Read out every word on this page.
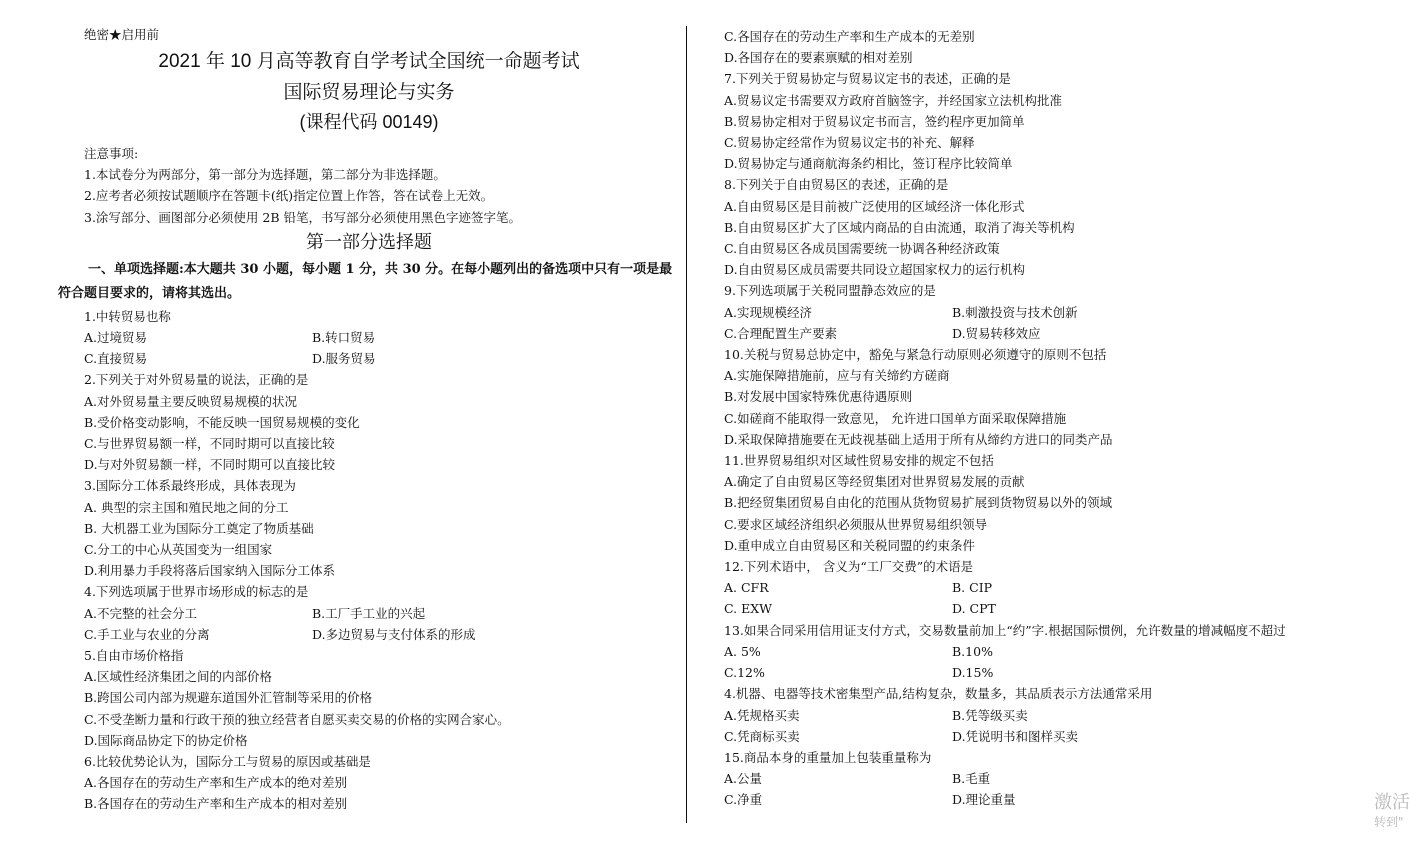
绝密★启用前
2021 年 10 月高等教育自学考试全国统一命题考试
国际贸易理论与实务
(课程代码 00149)
注意事项:
1.本试卷分为两部分，第一部分为选择题，第二部分为非选择题。
2.应考者必须按试题顺序在答题卡(纸)指定位置上作答，答在试卷上无效。
3.涂写部分、画图部分必须使用 2B 铅笔，书写部分必须使用黑色字迹签字笔。
第一部分选择题
一、单项选择题:本大题共 30 小题，每小题 1 分，共 30 分。在每小题列出的备选项中只有一项是最符合题目要求的，请将其选出。
1.中转贸易也称
A.过境贸易	B.转口贸易
C.直接贸易	D.服务贸易
2.下列关于对外贸易量的说法，正确的是
A.对外贸易量主要反映贸易规模的状况
B.受价格变动影响，不能反映一国贸易规模的变化
C.与世界贸易额一样，不同时期可以直接比较
D.与对外贸易额一样，不同时期可以直接比较
3.国际分工体系最终形成，具体表现为
A. 典型的宗主国和殖民地之间的分工
B. 大机器工业为国际分工奠定了物质基础
C.分工的中心从英国变为一组国家
D.利用暴力手段将落后国家纳入国际分工体系
4.下列选项属于世界市场形成的标志的是
A.不完整的社会分工	B.工厂手工业的兴起
C.手工业与农业的分离	D.多边贸易与支付体系的形成
5.自由市场价格指
A.区域性经济集团之间的内部价格
B.跨国公司内部为规避东道国外汇管制等采用的价格
C.不受垄断力量和行政干预的独立经营者自愿买卖交易的价格的实网合家心。
D.国际商品协定下的协定价格
6.比较优势论认为，国际分工与贸易的原因或基础是
A.各国存在的劳动生产率和生产成本的绝对差别
B.各国存在的劳动生产率和生产成本的相对差别
C.各国存在的劳动生产率和生产成本的无差别
D.各国存在的要素禀赋的相对差别
7.下列关于贸易协定与贸易议定书的表述，正确的是
A.贸易议定书需要双方政府首脑签字，并经国家立法机构批准
B.贸易协定相对于贸易议定书而言，签约程序更加简单
C.贸易协定经常作为贸易议定书的补充、解释
D.贸易协定与通商航海条约相比，签订程序比较简单
8.下列关于自由贸易区的表述，正确的是
A.自由贸易区是目前被广泛使用的区域经济一体化形式
B.自由贸易区扩大了区域内商品的自由流通，取消了海关等机构
C.自由贸易区各成员国需要统一协调各种经济政策
D.自由贸易区成员需要共同设立超国家权力的运行机构
9.下列选项属于关税同盟静态效应的是
A.实现规模经济	B.刺激投资与技术创新
C.合理配置生产要素	D.贸易转移效应
10.关税与贸易总协定中，豁免与紧急行动原则必须遵守的原则不包括
A.实施保障措施前，应与有关缔约方磋商
B.对发展中国家特殊优惠待遇原则
C.如磋商不能取得一致意见， 允许进口国单方面采取保障措施
D.采取保障措施要在无歧视基础上适用于所有从缔约方进口的同类产品
11.世界贸易组织对区域性贸易安排的规定不包括
A.确定了自由贸易区等经贸集团对世界贸易发展的贡献
B.把经贸集团贸易自由化的范围从货物贸易扩展到货物贸易以外的领域
C.要求区域经济组织必须服从世界贸易组织领导
D.重申成立自由贸易区和关税同盟的约束条件
12.下列术语中， 含义为“工厂交费”的术语是
A. CFR	B. CIP
C. EXW	D. CPT
13.如果合同采用信用证支付方式，交易数量前加上“约”字.根据国际惯例，允许数量的增减幅度不超过
A. 5%	B.10%
C.12%	D.15%
4.机器、电器等技术密集型产品,结构复杂，数量多，其品质表示方法通常采用
A.凭规格买卖	B.凭等级买卖
C.凭商标买卖	D.凭说明书和图样买卖
15.商品本身的重量加上包装重量称为
A.公量	B.毛重
C.净重	D.理论重量	激活
转到"
